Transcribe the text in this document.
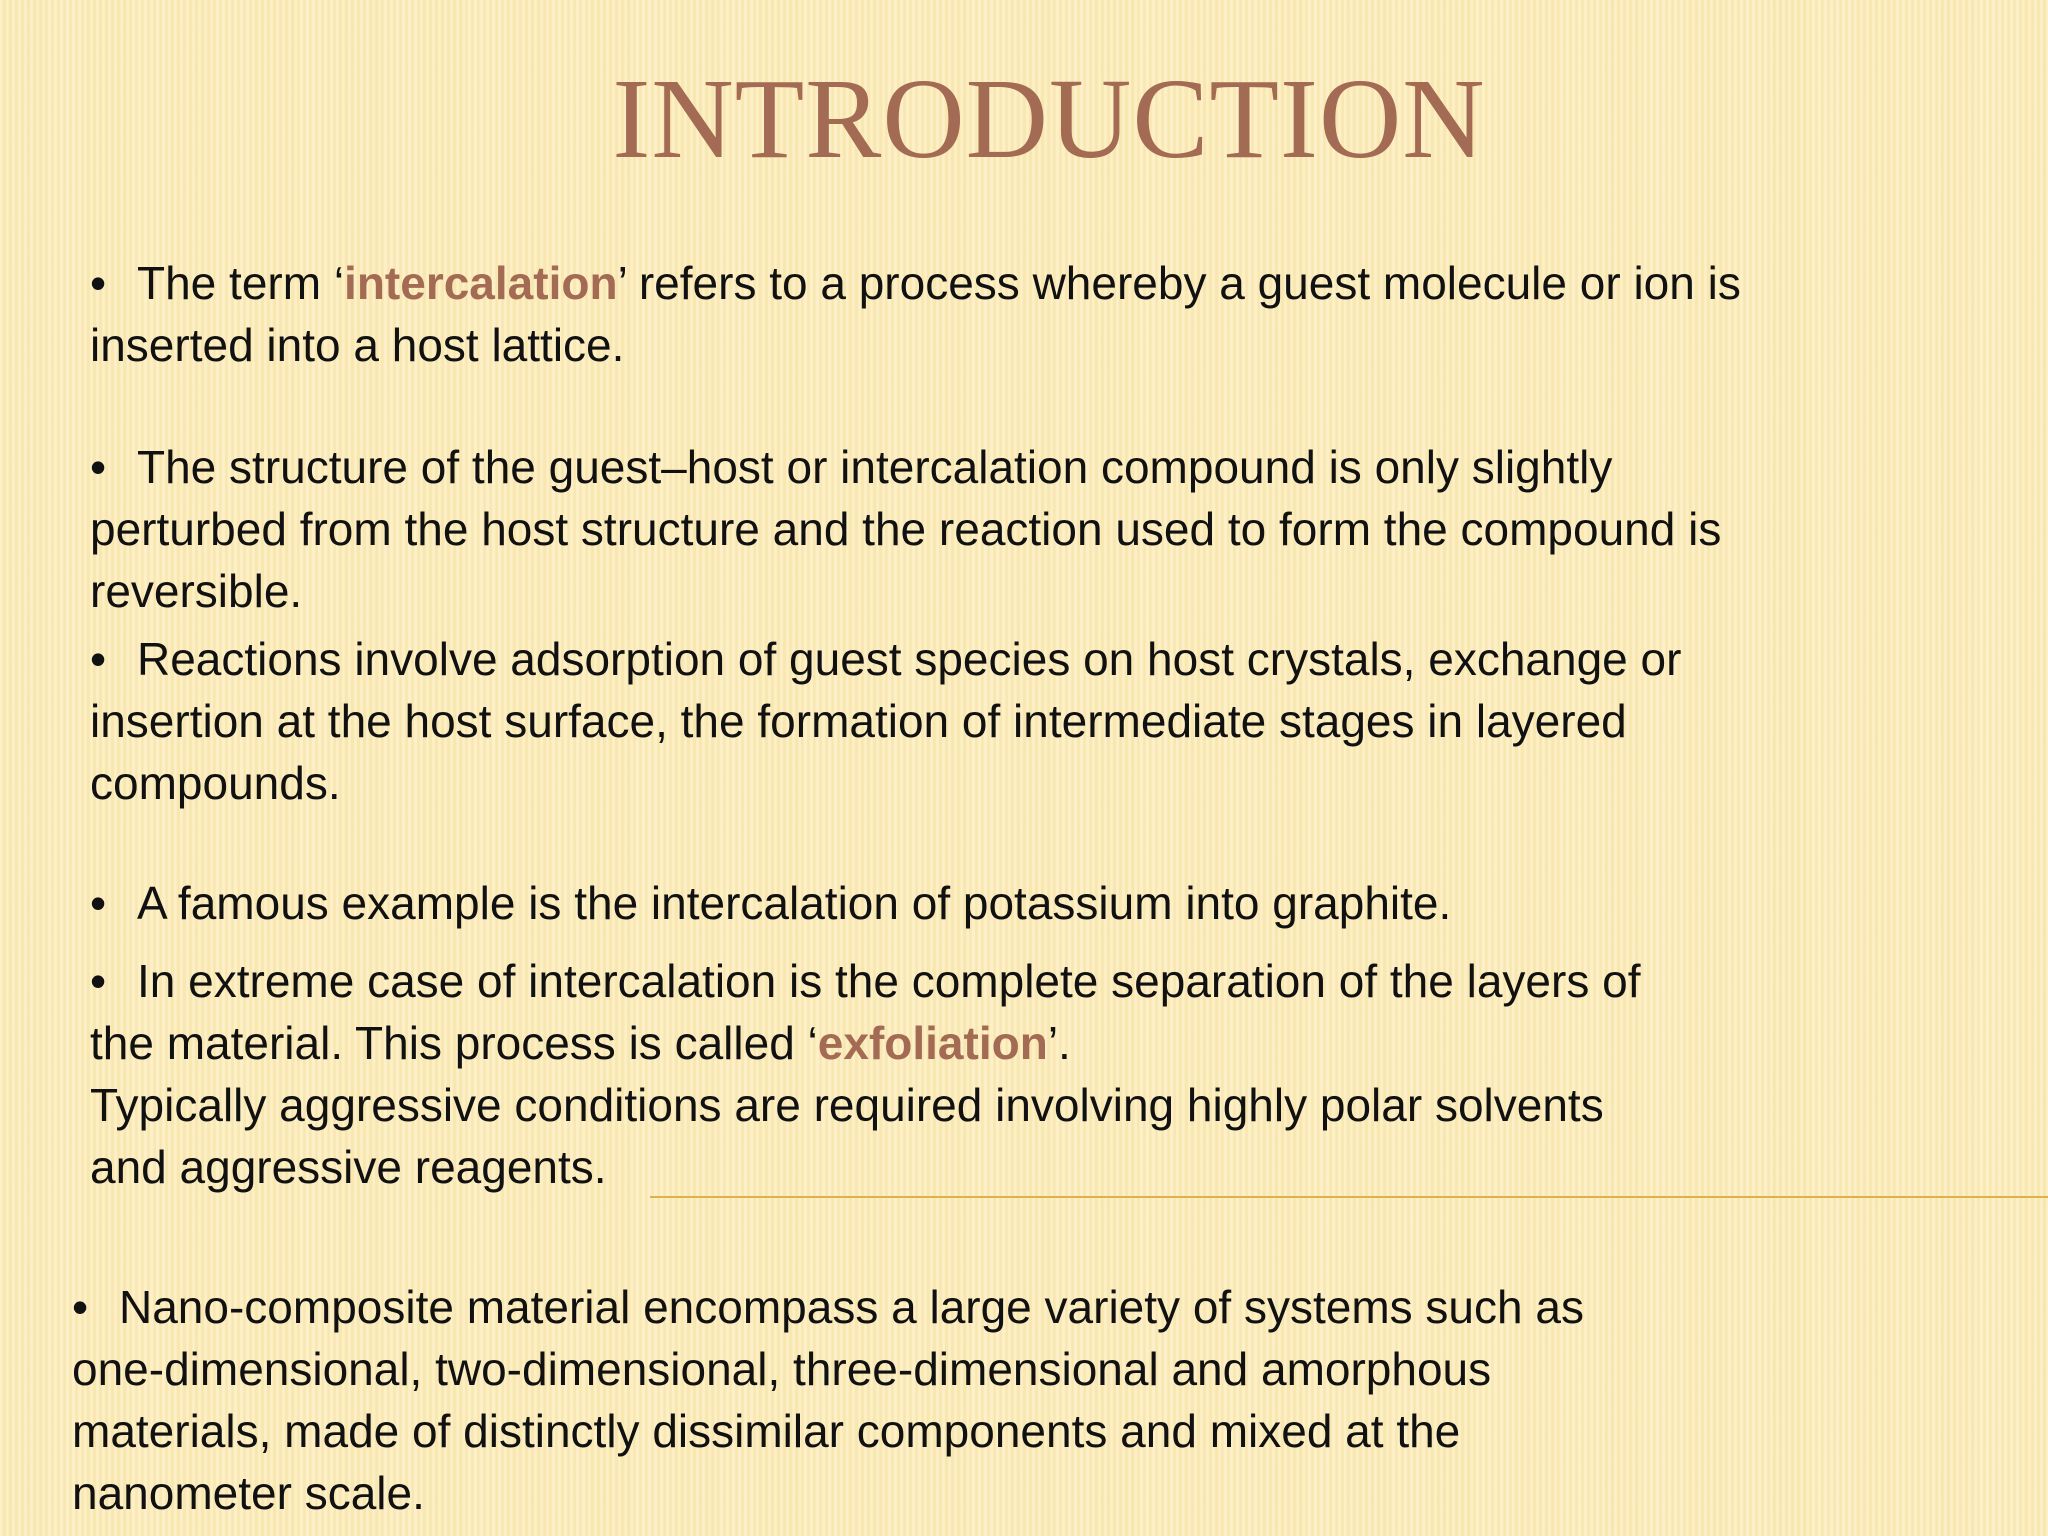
INTRODUCTION

• The term ‘intercalation’ refers to a process whereby a guest molecule or ion is
inserted into a host lattice.

• The structure of the guest–host or intercalation compound is only slightly
perturbed from the host structure and the reaction used to form the compound is
reversible.

• Reactions involve adsorption of guest species on host crystals, exchange or
insertion at the host surface, the formation of intermediate stages in layered
compounds.

• A famous example is the intercalation of potassium into graphite.

• In extreme case of intercalation is the complete separation of the layers of
the material. This process is called ‘exfoliation’.
Typically aggressive conditions are required involving highly polar solvents
and aggressive reagents.

• Nano-composite material encompass a large variety of systems such as
one-dimensional, two-dimensional, three-dimensional and amorphous
materials, made of distinctly dissimilar components and mixed at the
nanometer scale.
